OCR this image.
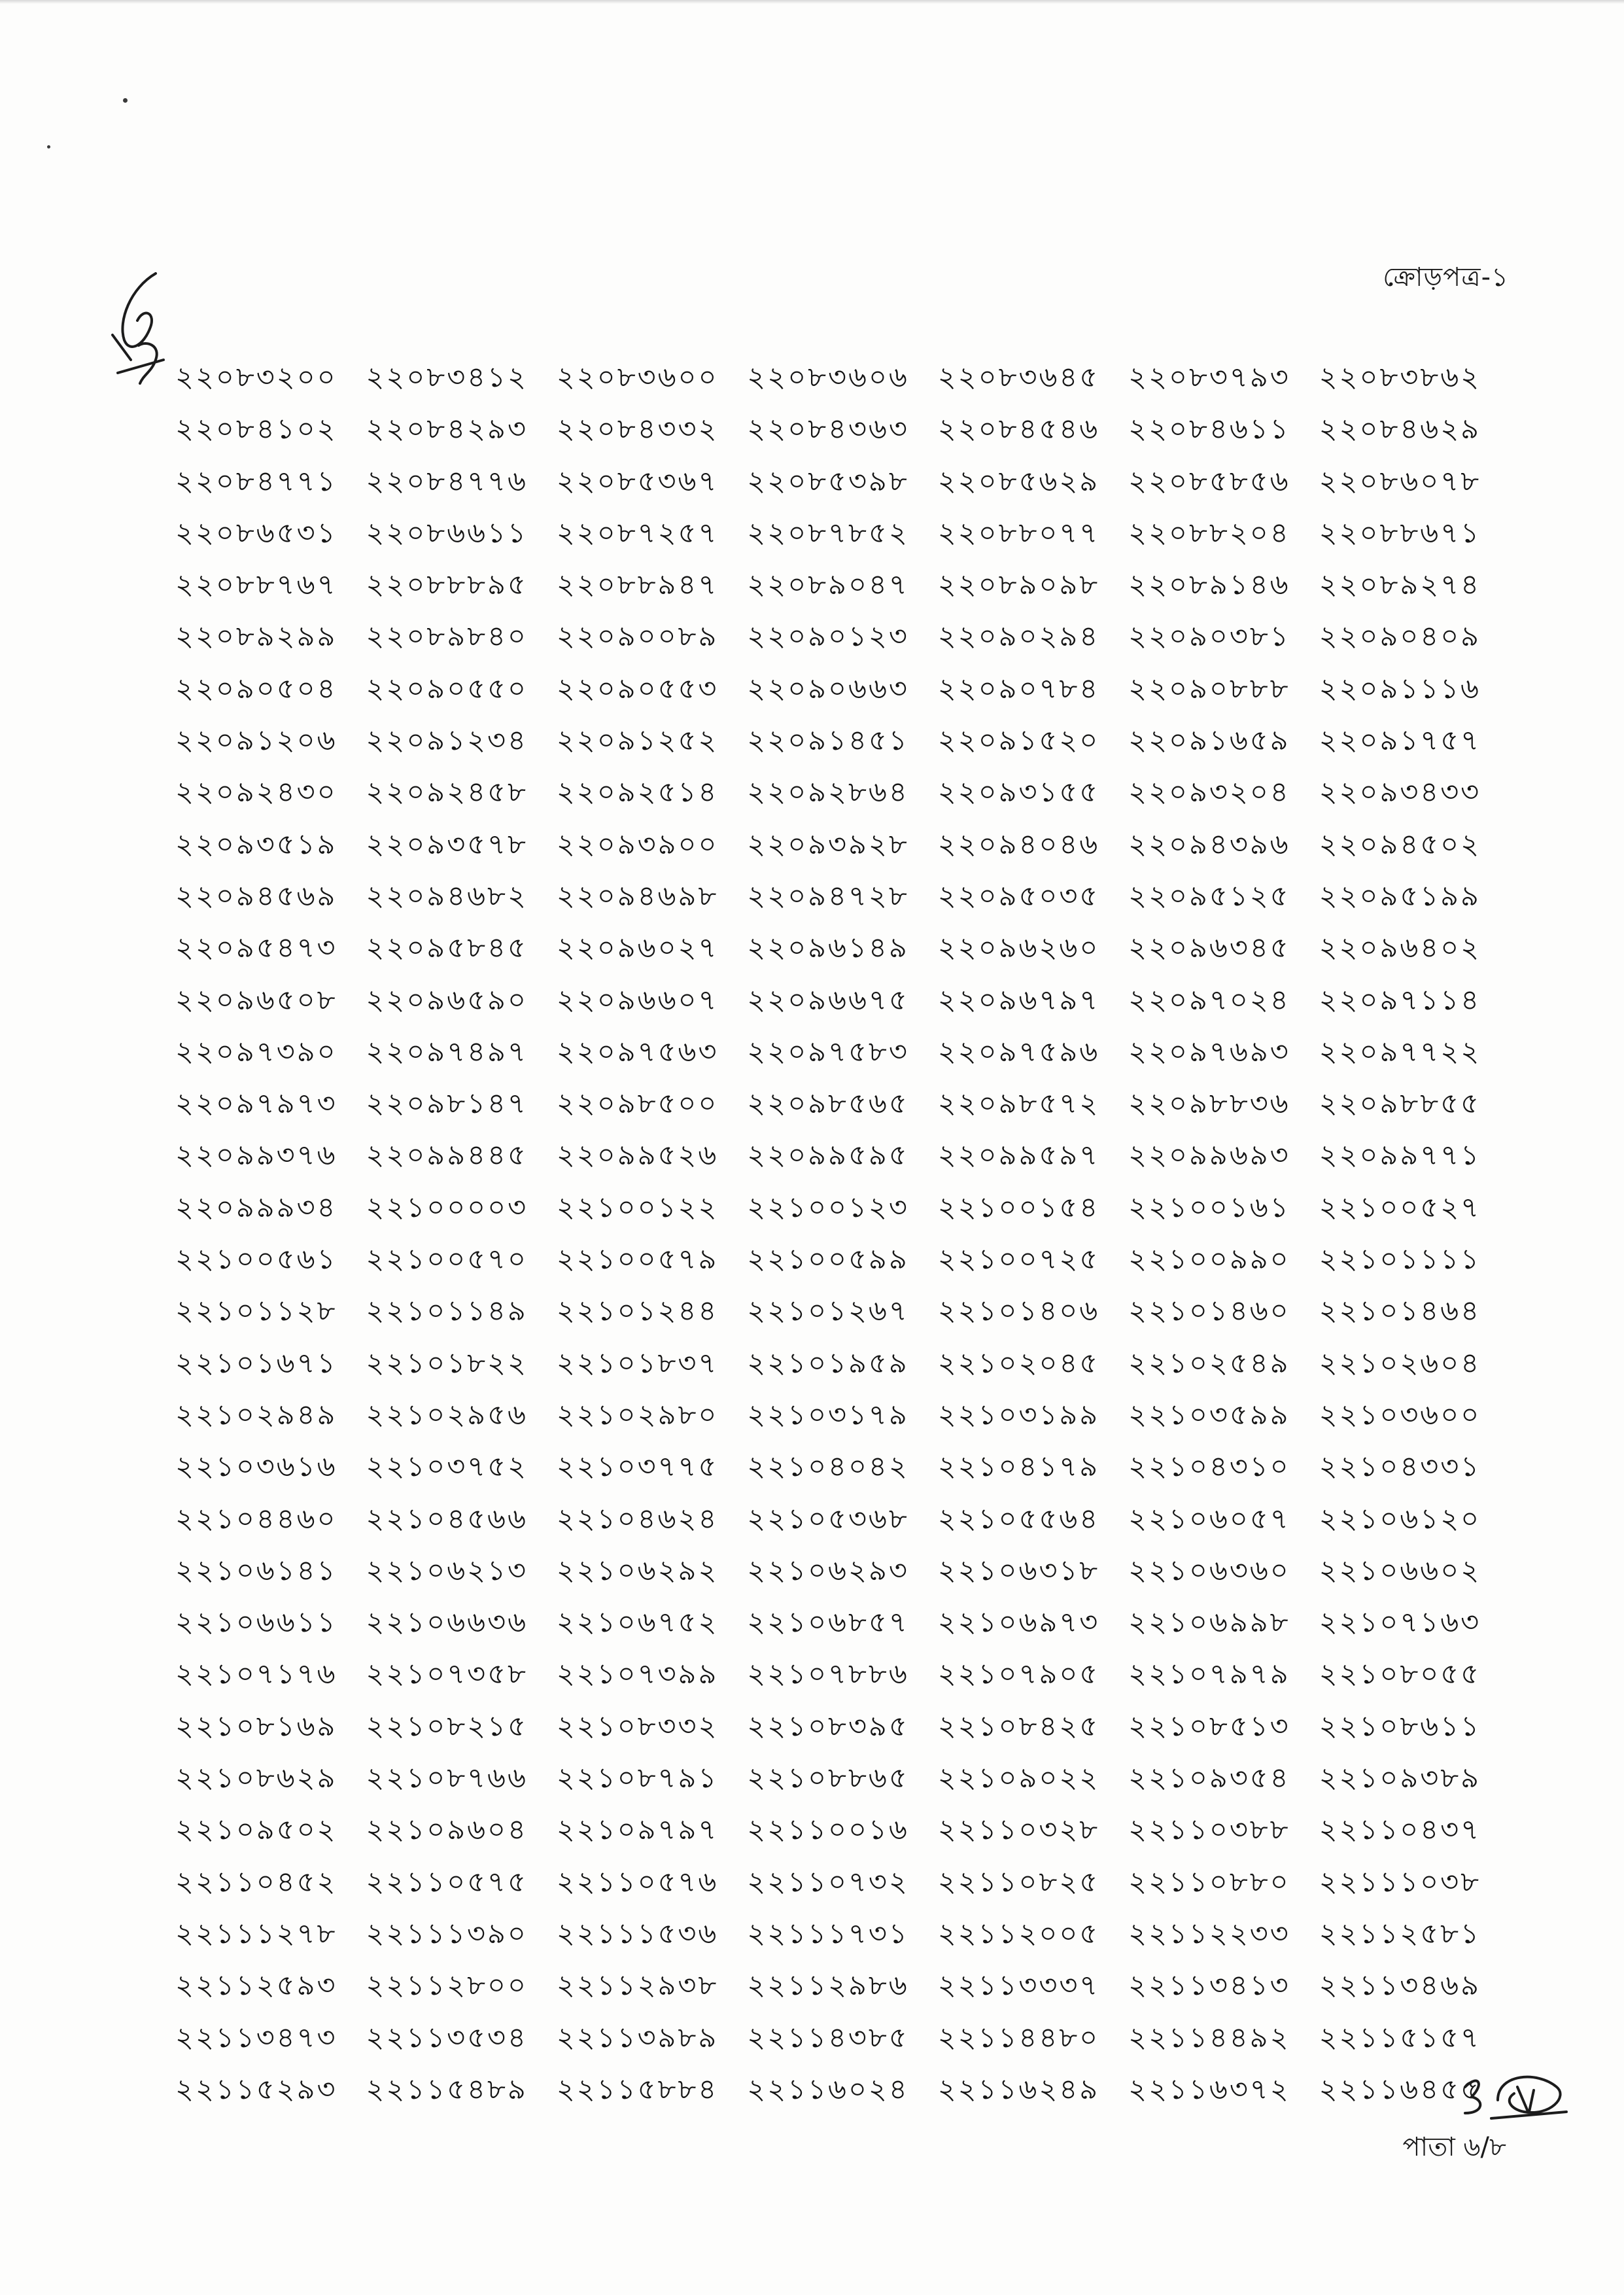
ক্রোড়পত্র-১
২২০৮৩২০০	২২০৮৩৪১২	২২০৮৩৬০০	২২০৮৩৬০৬	২২০৮৩৬৪৫	২২০৮৩৭৯৩	২২০৮৩৮৬২
২২০৮৪১০২	২২০৮৪২৯৩	২২০৮৪৩৩২	২২০৮৪৩৬৩	২২০৮৪৫৪৬	২২০৮৪৬১১	২২০৮৪৬২৯
২২০৮৪৭৭১	২২০৮৪৭৭৬	২২০৮৫৩৬৭	২২০৮৫৩৯৮	২২০৮৫৬২৯	২২০৮৫৮৫৬	২২০৮৬০৭৮
২২০৮৬৫৩১	২২০৮৬৬১১	২২০৮৭২৫৭	২২০৮৭৮৫২	২২০৮৮০৭৭	২২০৮৮২০৪	২২০৮৮৬৭১
২২০৮৮৭৬৭	২২০৮৮৮৯৫	২২০৮৮৯৪৭	২২০৮৯০৪৭	২২০৮৯০৯৮	২২০৮৯১৪৬	২২০৮৯২৭৪
২২০৮৯২৯৯	২২০৮৯৮৪০	২২০৯০০৮৯	২২০৯০১২৩	২২০৯০২৯৪	২২০৯০৩৮১	২২০৯০৪০৯
২২০৯০৫০৪	২২০৯০৫৫০	২২০৯০৫৫৩	২২০৯০৬৬৩	২২০৯০৭৮৪	২২০৯০৮৮৮	২২০৯১১১৬
২২০৯১২০৬	২২০৯১২৩৪	২২০৯১২৫২	২২০৯১৪৫১	২২০৯১৫২০	২২০৯১৬৫৯	২২০৯১৭৫৭
২২০৯২৪৩০	২২০৯২৪৫৮	২২০৯২৫১৪	২২০৯২৮৬৪	২২০৯৩১৫৫	২২০৯৩২০৪	২২০৯৩৪৩৩
২২০৯৩৫১৯	২২০৯৩৫৭৮	২২০৯৩৯০০	২২০৯৩৯২৮	২২০৯৪০৪৬	২২০৯৪৩৯৬	২২০৯৪৫০২
২২০৯৪৫৬৯	২২০৯৪৬৮২	২২০৯৪৬৯৮	২২০৯৪৭২৮	২২০৯৫০৩৫	২২০৯৫১২৫	২২০৯৫১৯৯
২২০৯৫৪৭৩	২২০৯৫৮৪৫	২২০৯৬০২৭	২২০৯৬১৪৯	২২০৯৬২৬০	২২০৯৬৩৪৫	২২০৯৬৪০২
২২০৯৬৫০৮	২২০৯৬৫৯০	২২০৯৬৬০৭	২২০৯৬৬৭৫	২২০৯৬৭৯৭	২২০৯৭০২৪	২২০৯৭১১৪
২২০৯৭৩৯০	২২০৯৭৪৯৭	২২০৯৭৫৬৩	২২০৯৭৫৮৩	২২০৯৭৫৯৬	২২০৯৭৬৯৩	২২০৯৭৭২২
২২০৯৭৯৭৩	২২০৯৮১৪৭	২২০৯৮৫০০	২২০৯৮৫৬৫	২২০৯৮৫৭২	২২০৯৮৮৩৬	২২০৯৮৮৫৫
২২০৯৯৩৭৬	২২০৯৯৪৪৫	২২০৯৯৫২৬	২২০৯৯৫৯৫	২২০৯৯৫৯৭	২২০৯৯৬৯৩	২২০৯৯৭৭১
২২০৯৯৯৩৪	২২১০০০০৩	২২১০০১২২	২২১০০১২৩	২২১০০১৫৪	২২১০০১৬১	২২১০০৫২৭
২২১০০৫৬১	২২১০০৫৭০	২২১০০৫৭৯	২২১০০৫৯৯	২২১০০৭২৫	২২১০০৯৯০	২২১০১১১১
২২১০১১২৮	২২১০১১৪৯	২২১০১২৪৪	২২১০১২৬৭	২২১০১৪০৬	২২১০১৪৬০	২২১০১৪৬৪
২২১০১৬৭১	২২১০১৮২২	২২১০১৮৩৭	২২১০১৯৫৯	২২১০২০৪৫	২২১০২৫৪৯	২২১০২৬০৪
২২১০২৯৪৯	২২১০২৯৫৬	২২১০২৯৮০	২২১০৩১৭৯	২২১০৩১৯৯	২২১০৩৫৯৯	২২১০৩৬০০
২২১০৩৬১৬	২২১০৩৭৫২	২২১০৩৭৭৫	২২১০৪০৪২	২২১০৪১৭৯	২২১০৪৩১০	২২১০৪৩৩১
২২১০৪৪৬০	২২১০৪৫৬৬	২২১০৪৬২৪	২২১০৫৩৬৮	২২১০৫৫৬৪	২২১০৬০৫৭	২২১০৬১২০
২২১০৬১৪১	২২১০৬২১৩	২২১০৬২৯২	২২১০৬২৯৩	২২১০৬৩১৮	২২১০৬৩৬০	২২১০৬৬০২
২২১০৬৬১১	২২১০৬৬৩৬	২২১০৬৭৫২	২২১০৬৮৫৭	২২১০৬৯৭৩	২২১০৬৯৯৮	২২১০৭১৬৩
২২১০৭১৭৬	২২১০৭৩৫৮	২২১০৭৩৯৯	২২১০৭৮৮৬	২২১০৭৯০৫	২২১০৭৯৭৯	২২১০৮০৫৫
২২১০৮১৬৯	২২১০৮২১৫	২২১০৮৩৩২	২২১০৮৩৯৫	২২১০৮৪২৫	২২১০৮৫১৩	২২১০৮৬১১
২২১০৮৬২৯	২২১০৮৭৬৬	২২১০৮৭৯১	২২১০৮৮৬৫	২২১০৯০২২	২২১০৯৩৫৪	২২১০৯৩৮৯
২২১০৯৫০২	২২১০৯৬০৪	২২১০৯৭৯৭	২২১১০০১৬	২২১১০৩২৮	২২১১০৩৮৮	২২১১০৪৩৭
২২১১০৪৫২	২২১১০৫৭৫	২২১১০৫৭৬	২২১১০৭৩২	২২১১০৮২৫	২২১১০৮৮০	২২১১১০৩৮
২২১১১২৭৮	২২১১১৩৯০	২২১১১৫৩৬	২২১১১৭৩১	২২১১২০০৫	২২১১২২৩৩	২২১১২৫৮১
২২১১২৫৯৩	২২১১২৮০০	২২১১২৯৩৮	২২১১২৯৮৬	২২১১৩৩৩৭	২২১১৩৪১৩	২২১১৩৪৬৯
২২১১৩৪৭৩	২২১১৩৫৩৪	২২১১৩৯৮৯	২২১১৪৩৮৫	২২১১৪৪৮০	২২১১৪৪৯২	২২১১৫১৫৭
২২১১৫২৯৩	২২১১৫৪৮৯	২২১১৫৮৮৪	২২১১৬০২৪	২২১১৬২৪৯	২২১১৬৩৭২	২২১১৬৪৫৫
পাতা ৬/৮
